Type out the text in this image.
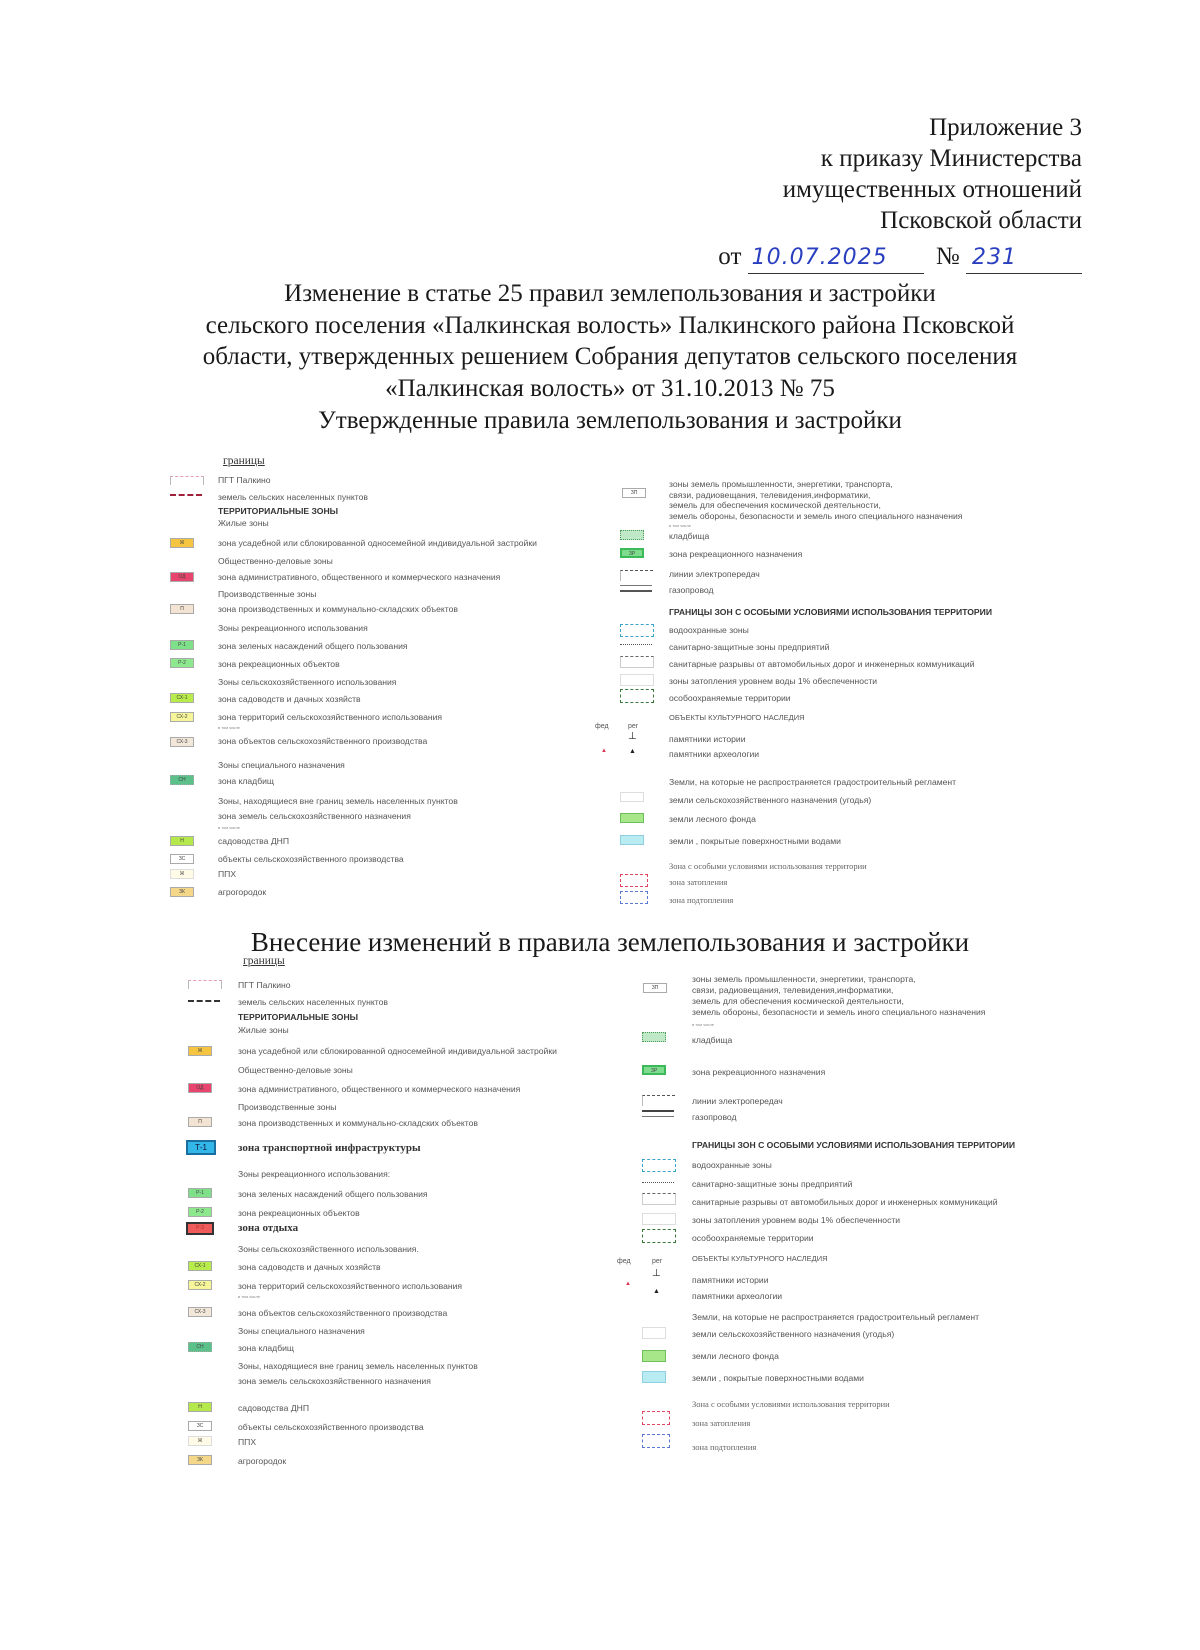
Приложение 3
к приказу Министерства
имущественных отношений
Псковской области
от 10.07.2025 № 231
Изменение в статье 25 правил землепользования и застройки
сельского поселения «Палкинская волость» Палкинского района Псковской
области, утвержденных решением Собрания депутатов сельского поселения
«Палкинская волость» от 31.10.2013 № 75
Утвержденные правила землепользования и застройки
границы
ПГТ Палкино
земель сельских населенных пунктов
ТЕРРИТОРИАЛЬНЫЕ ЗОНЫ
Жилые зоны
Ж	зона усадебной или сблокированной односемейной индивидуальной застройки
Общественно-деловые зоны
ОД	зона административного, общественного и коммерческого назначения
Производственные зоны
П	зона производственных и коммунально-складских объектов
Зоны рекреационного использования
Р-1	зона зеленых насаждений общего пользования
Р-2	зона рекреационных объектов
Зоны сельскохозяйственного использования
СХ-1	зона садоводств и дачных хозяйств
СХ-2	зона территорий сельскохозяйственного использования
в том числе
СХ-3	зона объектов сельскохозяйственного производства
Зоны специального назначения
СН	зона кладбищ
Зоны, находящиеся вне границ земель населенных пунктов
зона земель сельскохозяйственного назначения
в том числе
Н	садоводства ДНП
ЗС	объекты сельскохозяйственного производства
Ж	ППХ
ЗК	агрогородок
ЗП
зоны земель промышленности, энергетики, транспорта,
связи, радиовещания, телевидения,информатики,
земель для обеспечения космической деятельности,
земель обороны, безопасности и земель иного специального назначения
в том числе
кладбища
ЗР	зона рекреационного назначения
линии электропередач
газопровод
ГРАНИЦЫ ЗОН С ОСОБЫМИ УСЛОВИЯМИ ИСПОЛЬЗОВАНИЯ ТЕРРИТОРИИ
водоохранные зоны
санитарно-защитные зоны предприятий
санитарные разрывы от автомобильных дорог и инженерных коммуникаций
зоны затопления уровнем воды 1% обеспеченности
особоохраняемые территории
ОБЪЕКТЫ КУЛЬТУРНОГО НАСЛЕДИЯ
фед	рег
⊥	памятники истории
▲	▲	памятники археологии
Земли, на которые не распространяется градостроительный регламент
земли сельскохозяйственного назначения (угодья)
земли лесного фонда
земли , покрытые поверхностными водами
Зона с особыми условиями использования территории
зона затопления
зона подтопления
Внесение изменений в правила землепользования и застройки
границы
ПГТ Палкино
земель сельских населенных пунктов
ТЕРРИТОРИАЛЬНЫЕ ЗОНЫ
Жилые зоны
Ж	зона усадебной или сблокированной односемейной индивидуальной застройки
Общественно-деловые зоны
ОД	зона административного, общественного и коммерческого назначения
Производственные зоны
П	зона производственных и коммунально-складских объектов
Т-1	зона транспортной инфраструктуры
Зоны рекреационного использования:
Р-1	зона зеленых насаждений общего пользования
Р-2	зона рекреационных объектов
Р-3	зона отдыха
Зоны сельскохозяйственного использования.
СХ-1	зона садоводств и дачных хозяйств
СХ-2	зона территорий сельскохозяйственного использования
в том числе
СХ-3	зона объектов сельскохозяйственного производства
Зоны специального назначения
СН	зона кладбищ
Зоны, находящиеся вне границ земель населенных пунктов
зона земель сельскохозяйственного назначения
Н	садоводства ДНП
ЗС	объекты сельскохозяйственного производства
Ж	ППХ
ЗК	агрогородок
ЗП
зоны земель промышленности, энергетики, транспорта,
связи, радиовещания, телевидения,информатики,
земель для обеспечения космической деятельности,
земель обороны, безопасности и земель иного специального назначения
в том числе
кладбища
ЗР	зона рекреационного назначения
линии электропередач
газопровод
ГРАНИЦЫ ЗОН С ОСОБЫМИ УСЛОВИЯМИ ИСПОЛЬЗОВАНИЯ ТЕРРИТОРИИ
водоохранные зоны
санитарно-защитные зоны предприятий
санитарные разрывы от автомобильных дорог и инженерных коммуникаций
зоны затопления уровнем воды 1% обеспеченности
особоохраняемые территории
ОБЪЕКТЫ КУЛЬТУРНОГО НАСЛЕДИЯ
фед	рег
⊥
памятники истории
▲
▲	памятники археологии
Земли, на которые не распространяется градостроительный регламент
земли сельскохозяйственного назначения (угодья)
земли лесного фонда
земли , покрытые поверхностными водами
Зона с особыми условиями использования территории
зона затопления
зона подтопления
